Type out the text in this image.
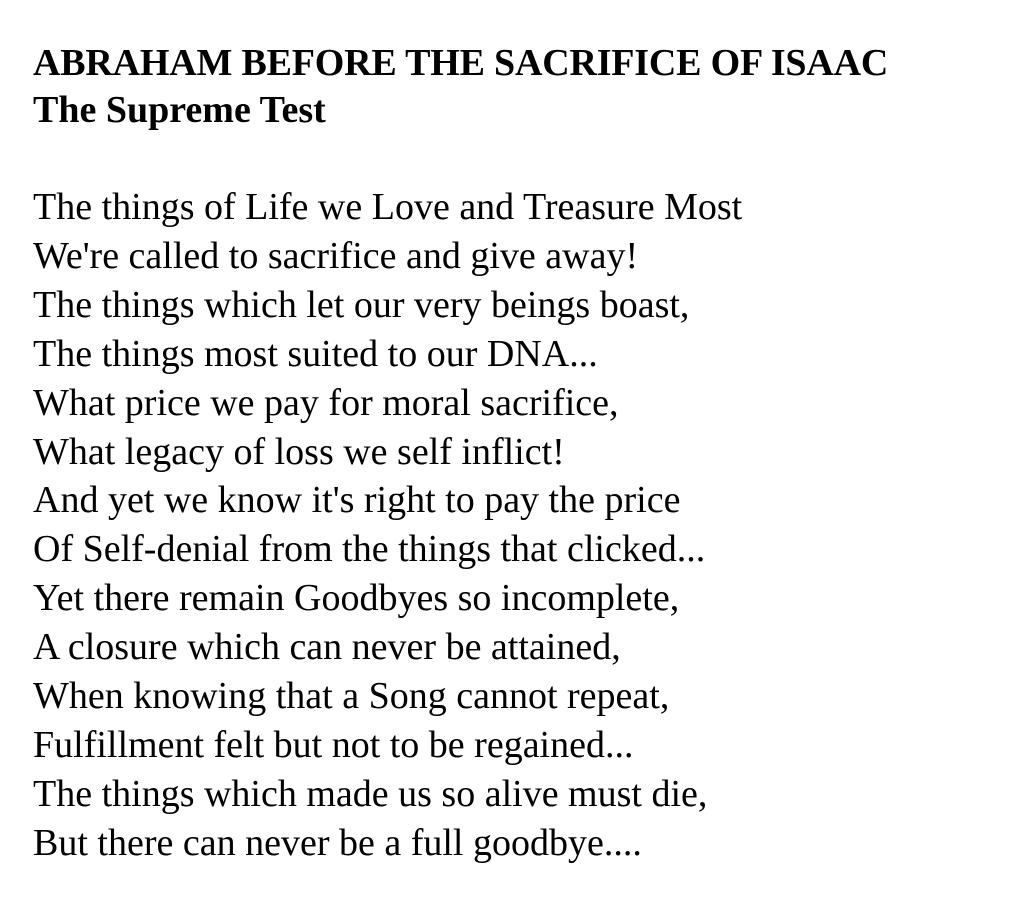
ABRAHAM BEFORE THE SACRIFICE OF ISAAC
The Supreme Test
The things of Life we Love and Treasure Most
We're called to sacrifice and give away!
The things which let our very beings boast,
The things most suited to our DNA...
What price we pay for moral sacrifice,
What legacy of loss we self inflict!
And yet we know it's right to pay the price
Of Self-denial from the things that clicked...
Yet there remain Goodbyes so incomplete,
A closure which can never be attained,
When knowing that a Song cannot repeat,
Fulfillment felt but not to be regained...
The things which made us so alive must die,
But there can never be a full goodbye....
